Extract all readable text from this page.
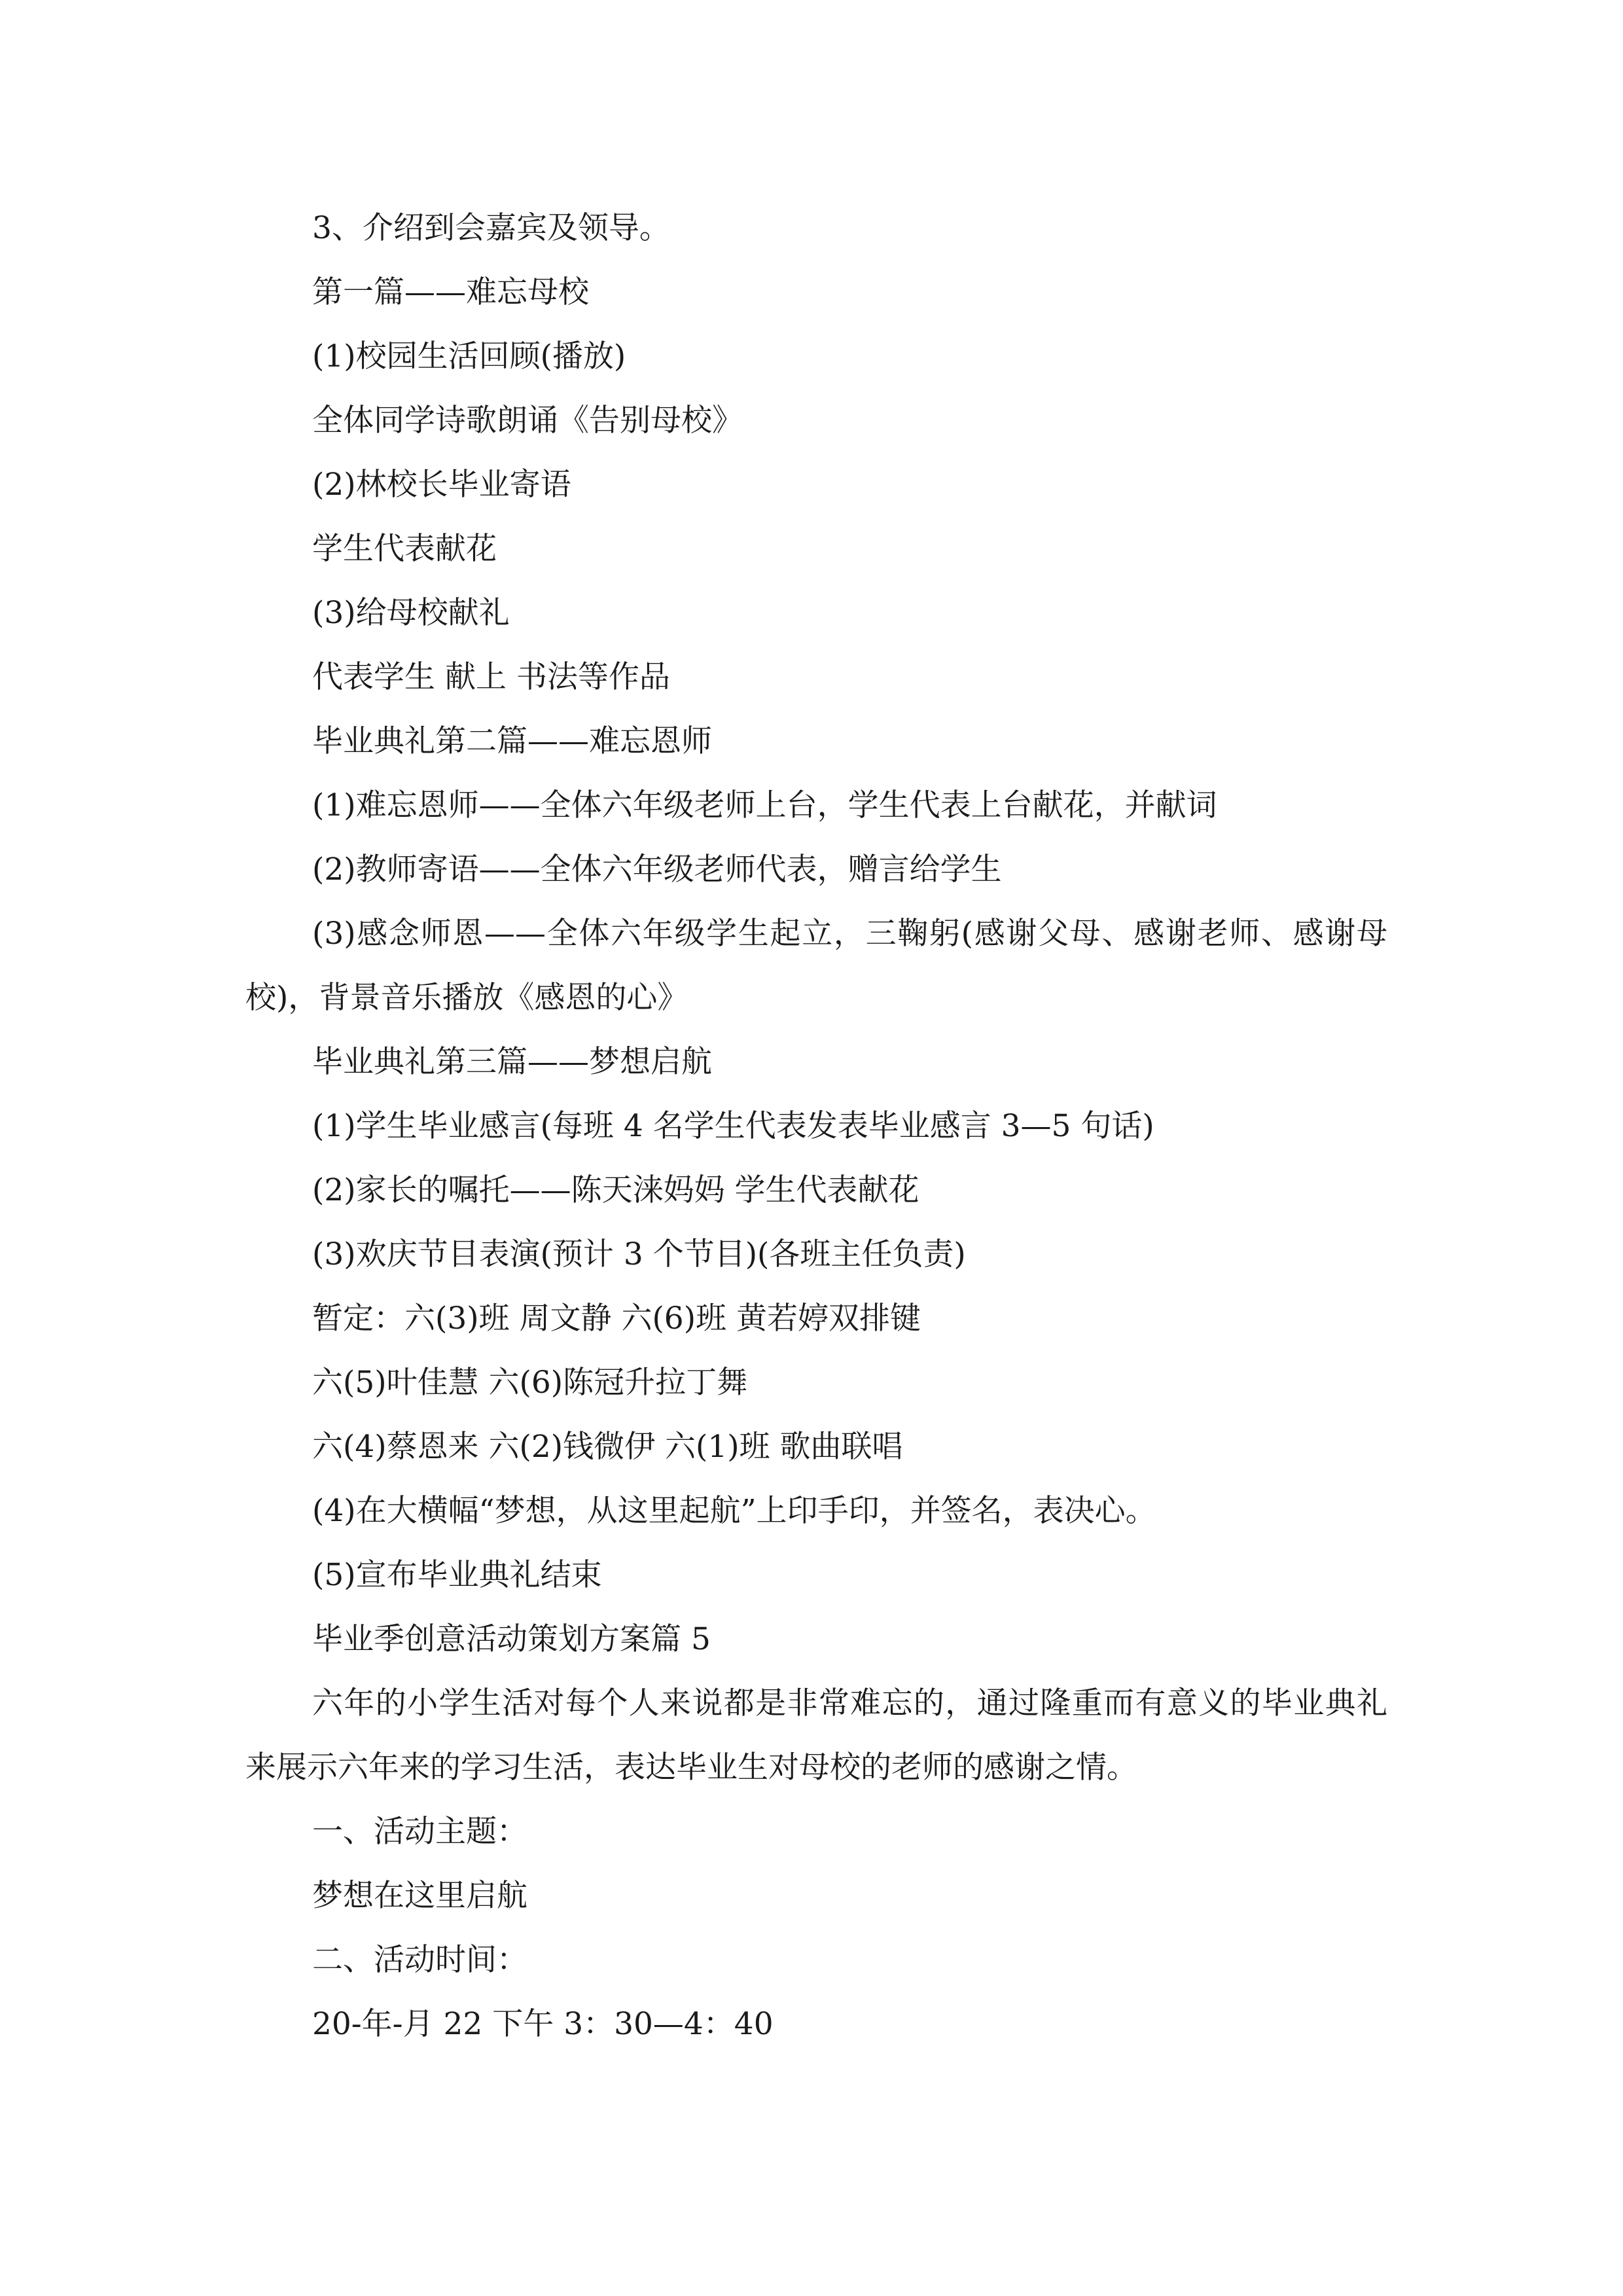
3、介绍到会嘉宾及领导。

第一篇——难忘母校

(1)校园生活回顾(播放)

全体同学诗歌朗诵《告别母校》

(2)林校长毕业寄语

学生代表献花

(3)给母校献礼

代表学生 献上 书法等作品

毕业典礼第二篇——难忘恩师

(1)难忘恩师——全体六年级老师上台，学生代表上台献花，并献词

(2)教师寄语——全体六年级老师代表，赠言给学生

(3)感念师恩——全体六年级学生起立，三鞠躬(感谢父母、感谢老师、感谢母校)，背景音乐播放《感恩的心》

毕业典礼第三篇——梦想启航

(1)学生毕业感言(每班 4 名学生代表发表毕业感言 3—5 句话)

(2)家长的嘱托——陈天涞妈妈 学生代表献花

(3)欢庆节目表演(预计 3 个节目)(各班主任负责)

暂定：六(3)班 周文静 六(6)班 黄若婷双排键

六(5)叶佳慧 六(6)陈冠升拉丁舞

六(4)蔡恩来 六(2)钱微伊 六(1)班 歌曲联唱

(4)在大横幅“梦想，从这里起航”上印手印，并签名，表决心。

(5)宣布毕业典礼结束

毕业季创意活动策划方案篇 5

六年的小学生活对每个人来说都是非常难忘的，通过隆重而有意义的毕业典礼来展示六年来的学习生活，表达毕业生对母校的老师的感谢之情。

一、活动主题：

梦想在这里启航

二、活动时间：

20-年-月 22 下午 3：30—4：40
